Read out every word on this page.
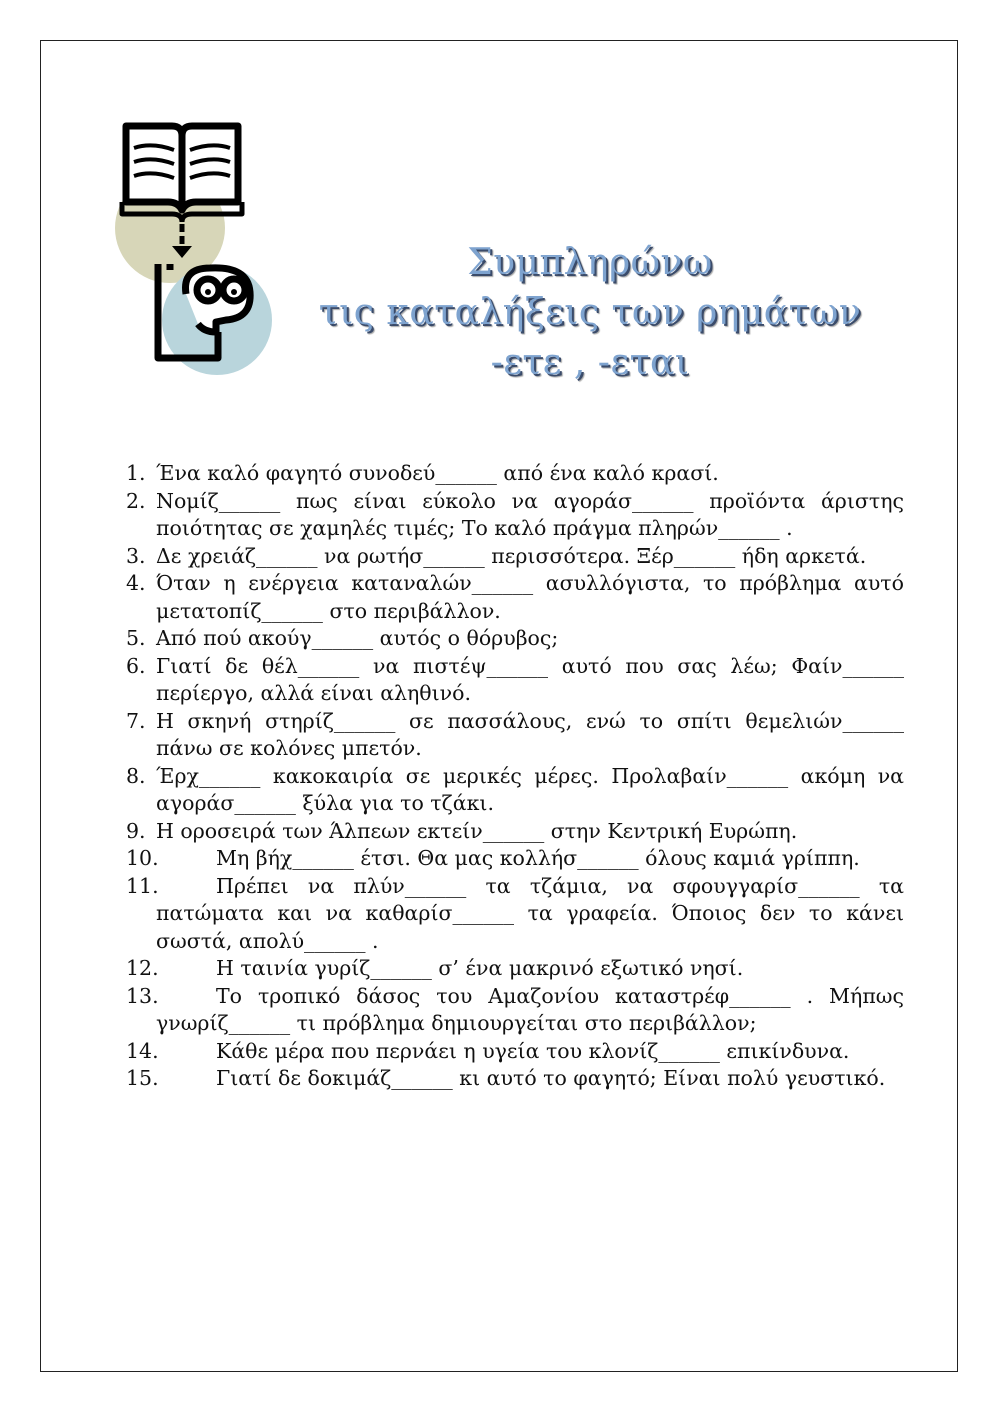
Συμπληρώνω
τις καταλήξεις των ρημάτων
-ετε , -εται
1. Ένα καλό φαγητό συνοδεύ______ από ένα καλό κρασί.
2. Νομίζ______ πως είναι εύκολο να αγοράσ______ προϊόντα άριστης ποιότητας σε χαμηλές τιμές; Το καλό πράγμα πληρών______ .
3. Δε χρειάζ______ να ρωτήσ______ περισσότερα. Ξέρ______ ήδη αρκετά.
4. Όταν η ενέργεια καταναλών______ ασυλλόγιστα, το πρόβλημα αυτό μετατοπίζ______ στο περιβάλλον.
5. Από πού ακούγ______ αυτός ο θόρυβος;
6. Γιατί δε θέλ______ να πιστέψ______ αυτό που σας λέω; Φαίν______ περίεργο, αλλά είναι αληθινό.
7. Η σκηνή στηρίζ______ σε πασσάλους, ενώ το σπίτι θεμελιών______ πάνω σε κολόνες μπετόν.
8. Έρχ______ κακοκαιρία σε μερικές μέρες. Προλαβαίν______ ακόμη να αγοράσ______ ξύλα για το τζάκι.
9. Η οροσειρά των Άλπεων εκτείν______ στην Κεντρική Ευρώπη.
10.	Μη βήχ______ έτσι. Θα μας κολλήσ______ όλους καμιά γρίππη.
11.	Πρέπει να πλύν______ τα τζάμια, να σφουγγαρίσ______ τα πατώματα και να καθαρίσ______ τα γραφεία. Όποιος δεν το κάνει σωστά, απολύ______ .
12.	Η ταινία γυρίζ______ σ’ ένα μακρινό εξωτικό νησί.
13.	Το τροπικό δάσος του Αμαζονίου καταστρέφ______ . Μήπως γνωρίζ______ τι πρόβλημα δημιουργείται στο περιβάλλον;
14.	Κάθε μέρα που περνάει η υγεία του κλονίζ______ επικίνδυνα.
15.	Γιατί δε δοκιμάζ______ κι αυτό το φαγητό; Είναι πολύ γευστικό.
